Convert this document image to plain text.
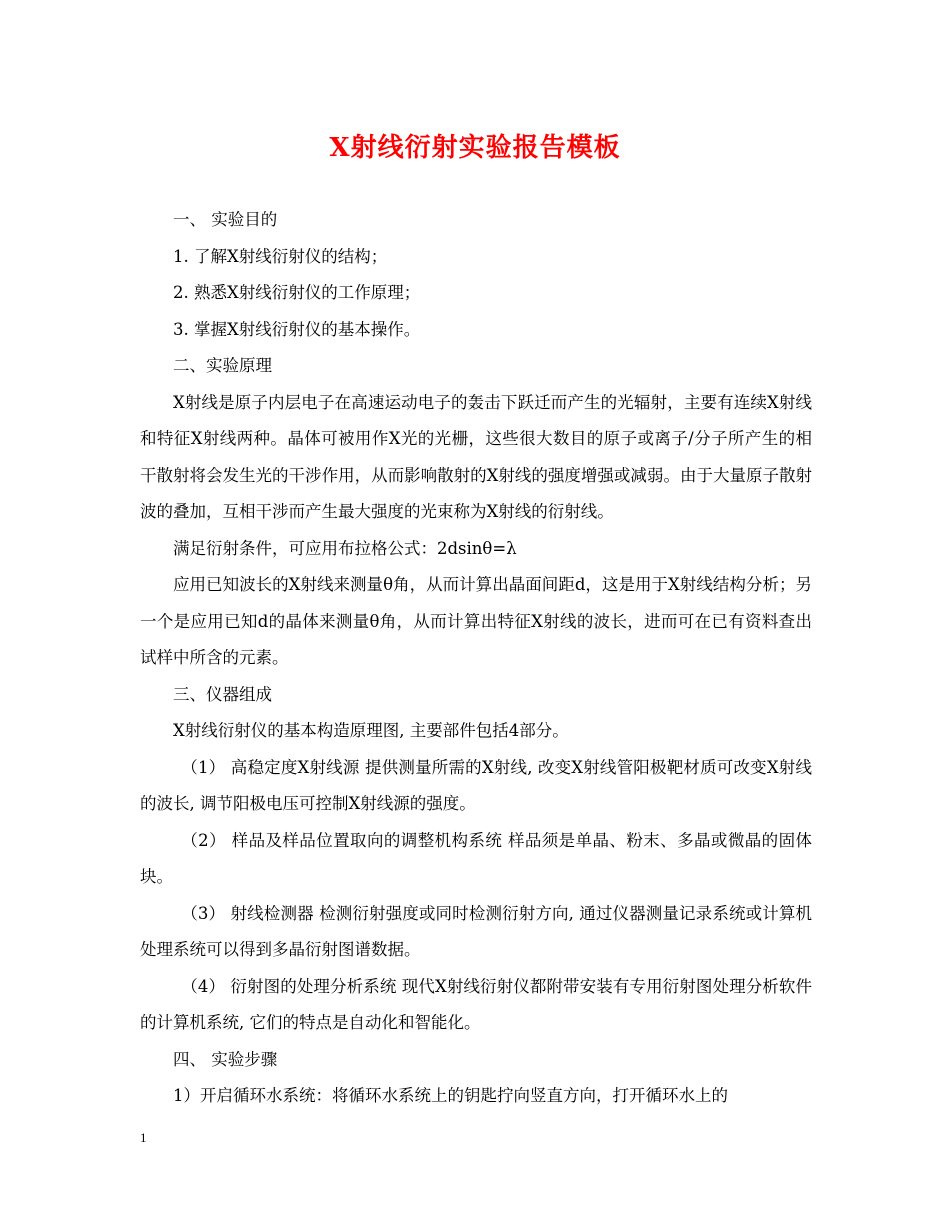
X射线衍射实验报告模板

一、 实验目的

1. 了解X射线衍射仪的结构；

2. 熟悉X射线衍射仪的工作原理；

3. 掌握X射线衍射仪的基本操作。

二、实验原理

X射线是原子内层电子在高速运动电子的轰击下跃迁而产生的光辐射，主要有连续X射线和特征X射线两种。晶体可被用作X光的光栅，这些很大数目的原子或离子/分子所产生的相干散射将会发生光的干涉作用，从而影响散射的X射线的强度增强或减弱。由于大量原子散射波的叠加，互相干涉而产生最大强度的光束称为X射线的衍射线。

满足衍射条件，可应用布拉格公式：2dsinθ=λ

应用已知波长的X射线来测量θ角，从而计算出晶面间距d，这是用于X射线结构分析；另一个是应用已知d的晶体来测量θ角，从而计算出特征X射线的波长，进而可在已有资料查出试样中所含的元素。

三、仪器组成

X射线衍射仪的基本构造原理图, 主要部件包括4部分。

（1） 高稳定度X射线源 提供测量所需的X射线, 改变X射线管阳极靶材质可改变X射线的波长, 调节阳极电压可控制X射线源的强度。

（2） 样品及样品位置取向的调整机构系统 样品须是单晶、粉末、多晶或微晶的固体块。

（3） 射线检测器 检测衍射强度或同时检测衍射方向, 通过仪器测量记录系统或计算机处理系统可以得到多晶衍射图谱数据。

（4） 衍射图的处理分析系统 现代X射线衍射仪都附带安装有专用衍射图处理分析软件的计算机系统, 它们的特点是自动化和智能化。

四、 实验步骤

1）开启循环水系统：将循环水系统上的钥匙拧向竖直方向，打开循环水上的

1
